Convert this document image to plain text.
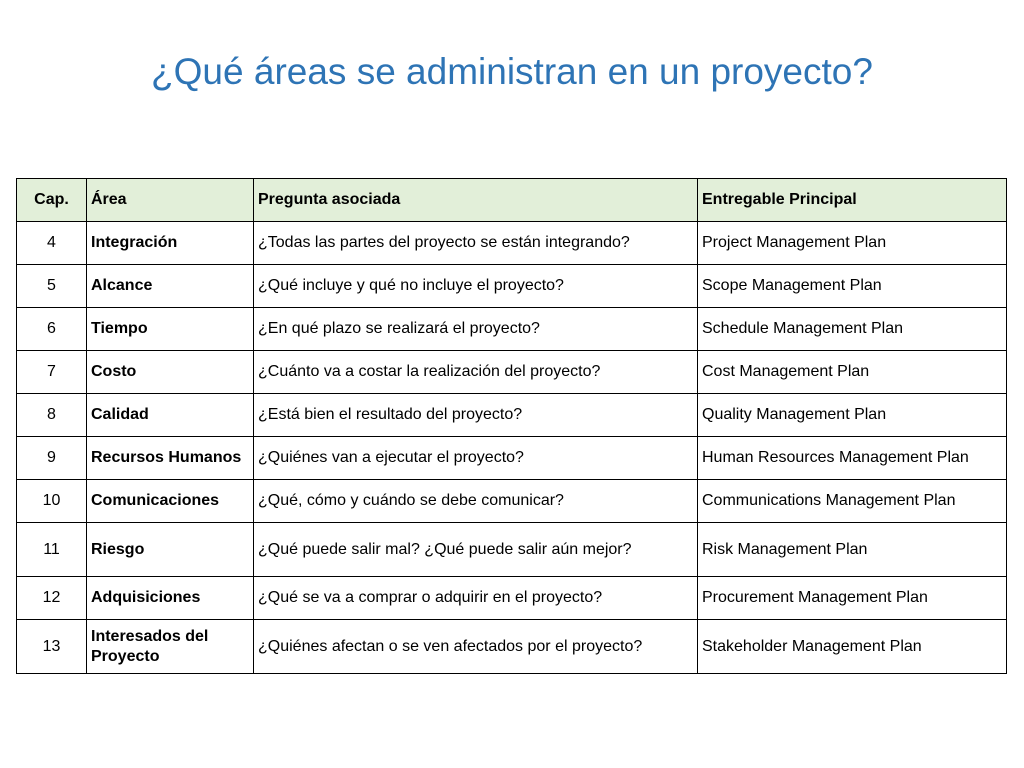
¿Qué áreas se administran en un proyecto?
Cap.	Área	Pregunta asociada	Entregable Principal
4	Integración	¿Todas las partes del proyecto se están integrando?	Project Management Plan
5	Alcance	¿Qué incluye y qué no incluye el proyecto?	Scope Management Plan
6	Tiempo	¿En qué plazo se realizará el proyecto?	Schedule Management Plan
7	Costo	¿Cuánto va a costar la realización del proyecto?	Cost Management Plan
8	Calidad	¿Está bien el resultado del proyecto?	Quality Management Plan
9	Recursos Humanos	¿Quiénes van a ejecutar el proyecto?	Human Resources Management Plan
10	Comunicaciones	¿Qué, cómo y cuándo se debe comunicar?	Communications Management Plan
11	Riesgo	¿Qué puede salir mal? ¿Qué puede salir aún mejor?	Risk Management Plan
12	Adquisiciones	¿Qué se va a comprar o adquirir en el proyecto?	Procurement Management Plan
13	Interesados del Proyecto	¿Quiénes afectan o se ven afectados por el proyecto?	Stakeholder Management Plan
